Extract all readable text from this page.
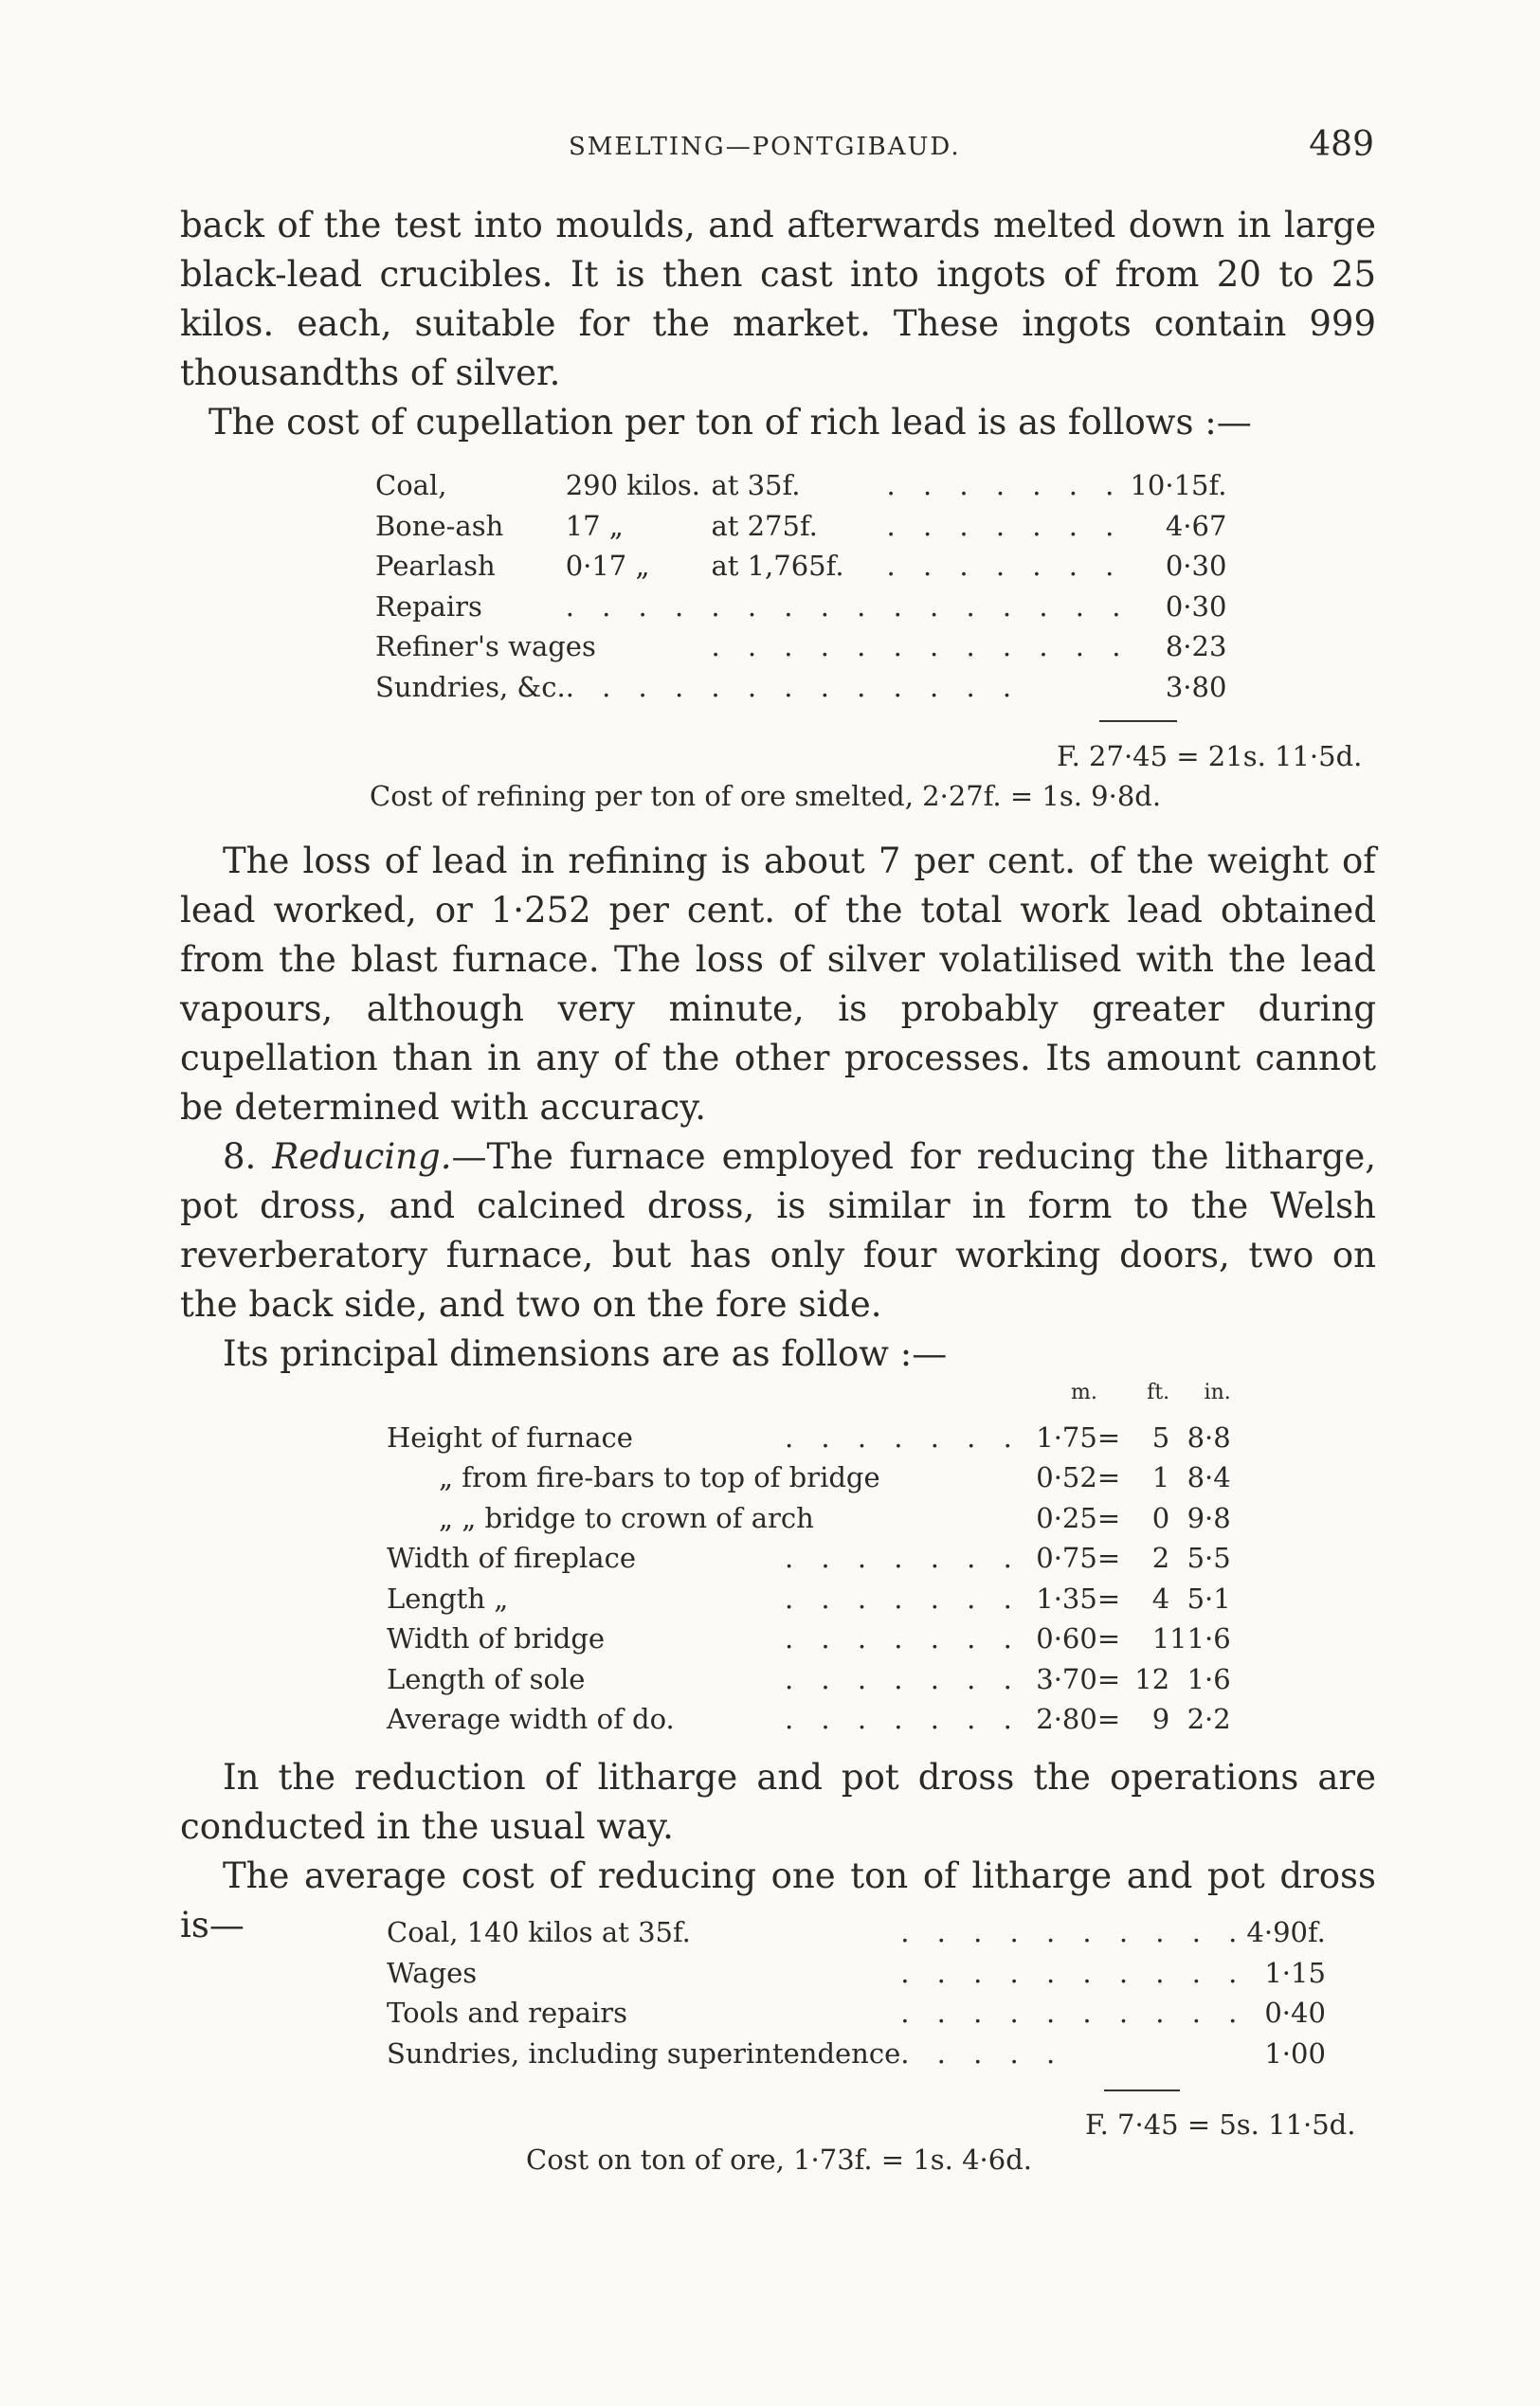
SMELTING—PONTGIBAUD.	489

back of the test into moulds, and afterwards melted down in large black-lead crucibles. It is then cast into ingots of from 20 to 25 kilos. each, suitable for the market. These ingots contain 999 thousandths of silver.

The cost of cupellation per ton of rich lead is as follows :—

Coal,	290 kilos.	at 35f.	. . . . . . .	10·15f.
Bone-ash	17 „	at 275f.	. . . . . . .	4·67
Pearlash	0·17 „	at 1,765f.	. . . . . . .	0·30
Repairs	. . . . . . . . . . . . . . . .			0·30
Refiner's wages		. . . . . . . . . . . .		8·23
Sundries, &c.	. . . . . . . . . . . . .			3·80
F. 27·45 = 21s. 11·5d.
Cost of refining per ton of ore smelted, 2·27f. = 1s. 9·8d.

The loss of lead in refining is about 7 per cent. of the weight of lead worked, or 1·252 per cent. of the total work lead obtained from the blast furnace. The loss of silver volatilised with the lead vapours, although very minute, is probably greater during cupellation than in any of the other processes. Its amount cannot be determined with accuracy.

8. Reducing.—The furnace employed for reducing the litharge, pot dross, and calcined dross, is similar in form to the Welsh reverberatory furnace, but has only four working doors, two on the back side, and two on the fore side.

Its principal dimensions are as follow :—

		m.		ft.	in.
Height of furnace	. . . . . . .	1·75	=	5	8·8
„ from fire-bars to top of bridge		0·52	=	1	8·4
„ „ bridge to crown of arch		0·25	=	0	9·8
Width of fireplace	. . . . . . .	0·75	=	2	5·5
Length „	. . . . . . .	1·35	=	4	5·1
Width of bridge	. . . . . . .	0·60	=	1	11·6
Length of sole	. . . . . . .	3·70	=	12	1·6
Average width of do.	. . . . . . .	2·80	=	9	2·2

In the reduction of litharge and pot dross the operations are conducted in the usual way.

The average cost of reducing one ton of litharge and pot dross is—	Coal, 140 kilos at 35f.	. . . . . . . . . .	4·90f.
Wages	. . . . . . . . . .	1·15
Tools and repairs	. . . . . . . . . .	0·40
Sundries, including superintendence	. . . . .	1·00
F. 7·45 = 5s. 11·5d.
Cost on ton of ore, 1·73f. = 1s. 4·6d.
